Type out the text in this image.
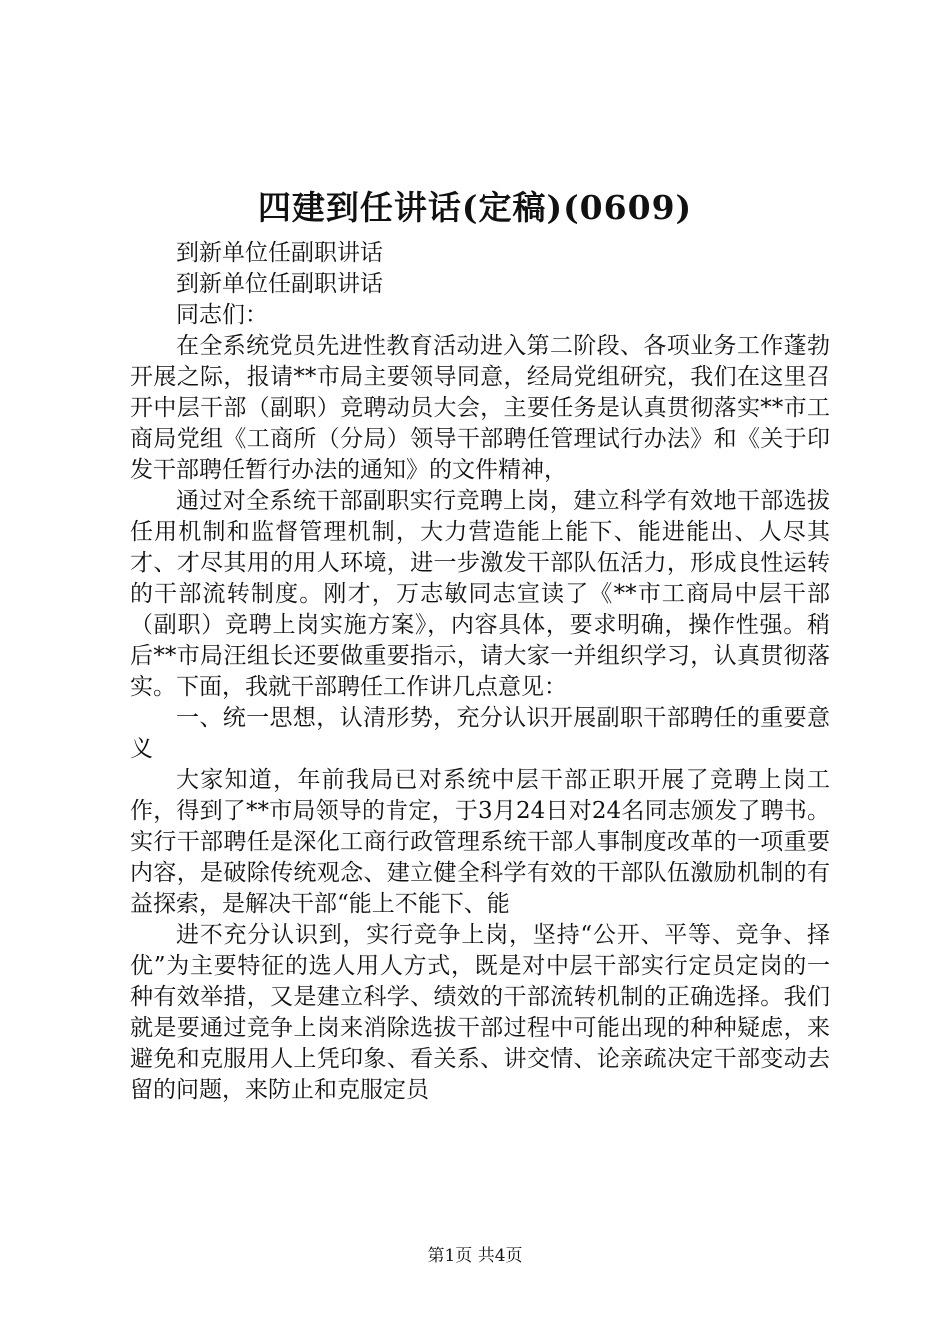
四建到任讲话(定稿)(0609)

到新单位任副职讲话

到新单位任副职讲话

同志们：

在全系统党员先进性教育活动进入第二阶段、各项业务工作蓬勃开展之际，报请**市局主要领导同意，经局党组研究，我们在这里召开中层干部（副职）竞聘动员大会，主要任务是认真贯彻落实**市工商局党组《工商所（分局）领导干部聘任管理试行办法》和《关于印发干部聘任暂行办法的通知》的文件精神，

通过对全系统干部副职实行竞聘上岗，建立科学有效地干部选拔任用机制和监督管理机制，大力营造能上能下、能进能出、人尽其才、才尽其用的用人环境，进一步激发干部队伍活力，形成良性运转的干部流转制度。刚才，万志敏同志宣读了《**市工商局中层干部（副职）竞聘上岗实施方案》，内容具体，要求明确，操作性强。稍后**市局汪组长还要做重要指示，请大家一并组织学习，认真贯彻落实。下面，我就干部聘任工作讲几点意见：

一、统一思想，认清形势，充分认识开展副职干部聘任的重要意义

大家知道，年前我局已对系统中层干部正职开展了竞聘上岗工作，得到了**市局领导的肯定，于3月24日对24名同志颁发了聘书。实行干部聘任是深化工商行政管理系统干部人事制度改革的一项重要内容，是破除传统观念、建立健全科学有效的干部队伍激励机制的有益探索，是解决干部“能上不能下、能

进不充分认识到，实行竞争上岗，坚持“公开、平等、竞争、择优”为主要特征的选人用人方式，既是对中层干部实行定员定岗的一种有效举措，又是建立科学、绩效的干部流转机制的正确选择。我们就是要通过竞争上岗来消除选拔干部过程中可能出现的种种疑虑，来避免和克服用人上凭印象、看关系、讲交情、论亲疏决定干部变动去留的问题，来防止和克服定员

第1页 共4页
